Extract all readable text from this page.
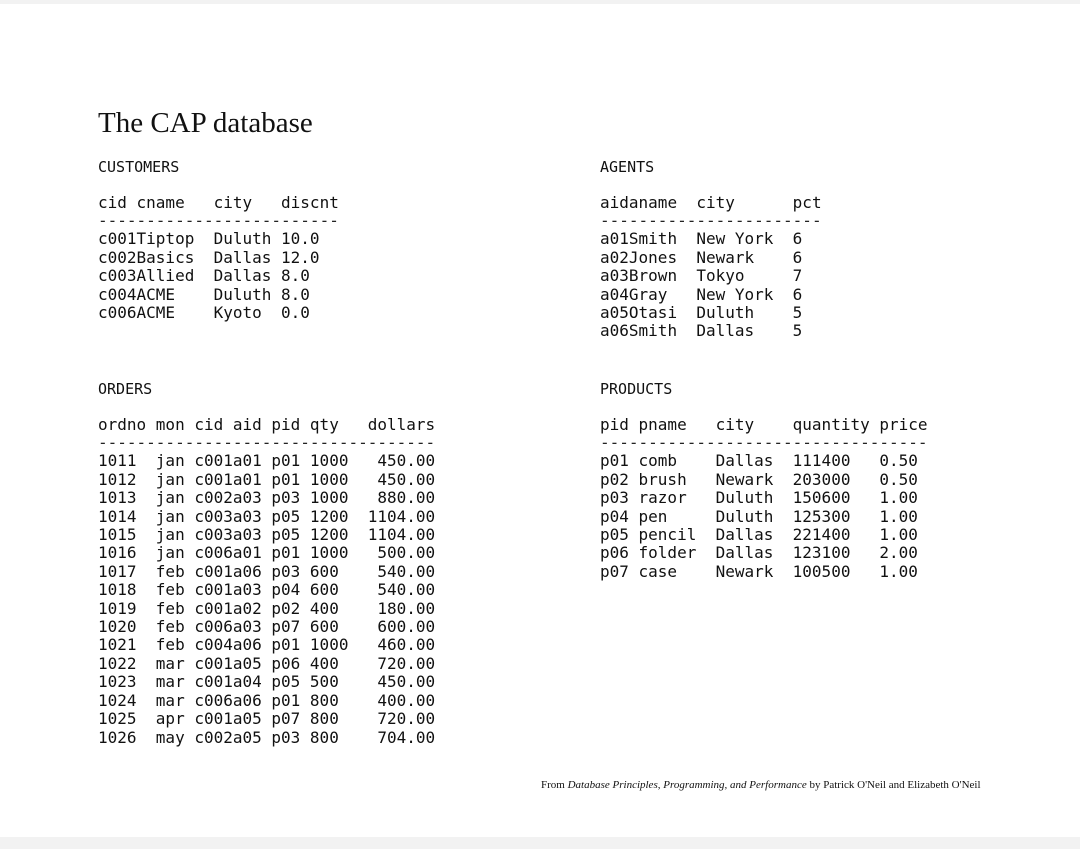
The CAP database
CUSTOMERS
cid	cname	city	discnt
----	--------	-------	------
c001	Tiptop	Duluth	10.0
c002	Basics	Dallas	12.0
c003	Allied	Dallas	8.0
c004	ACME	Duluth	8.0
c006	ACME	Kyoto	0.0
AGENTS
aid	aname	city	pct
---	-------	----------	---
a01	Smith	New York	6
a02	Jones	Newark	6
a03	Brown	Tokyo	7
a04	Gray	New York	6
a05	Otasi	Duluth	5
a06	Smith	Dallas	5
ORDERS
ordno	mon	cid	aid	pid	qty	dollars
------	----	----	----	----	------	-------
1011	jan	c001	a01	p01	1000	450.00
1012	jan	c001	a01	p01	1000	450.00
1013	jan	c002	a03	p03	1000	880.00
1014	jan	c003	a03	p05	1200	1104.00
1015	jan	c003	a03	p05	1200	1104.00
1016	jan	c006	a01	p01	1000	500.00
1017	feb	c001	a06	p03	600	540.00
1018	feb	c001	a03	p04	600	540.00
1019	feb	c001	a02	p02	400	180.00
1020	feb	c006	a03	p07	600	600.00
1021	feb	c004	a06	p01	1000	460.00
1022	mar	c001	a05	p06	400	720.00
1023	mar	c001	a04	p05	500	450.00
1024	mar	c006	a06	p01	800	400.00
1025	apr	c001	a05	p07	800	720.00
1026	may	c002	a05	p03	800	704.00
PRODUCTS
pid	pname	city	quantity	price
----	--------	--------	---------	-----
p01	comb	Dallas	111400	0.50
p02	brush	Newark	203000	0.50
p03	razor	Duluth	150600	1.00
p04	pen	Duluth	125300	1.00
p05	pencil	Dallas	221400	1.00
p06	folder	Dallas	123100	2.00
p07	case	Newark	100500	1.00
From Database Principles, Programming, and Performance by Patrick O'Neil and Elizabeth O'Neil
